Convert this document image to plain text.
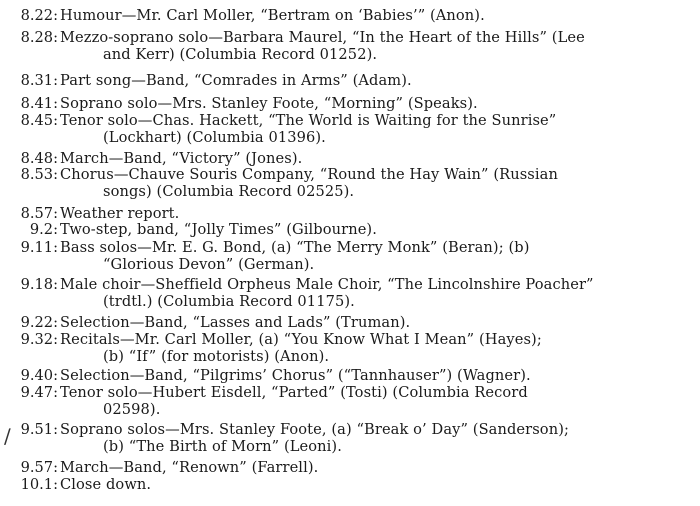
8.22: Humour—Mr. Carl Moller, “Bertram on ‘Babies’” (Anon).
8.28: Mezzo-soprano solo—Barbara Maurel, “In the Heart of the Hills” (Lee
and Kerr) (Columbia Record 01252).
8.31: Part song—Band, “Comrades in Arms” (Adam).
8.41: Soprano solo—Mrs. Stanley Foote, “Morning” (Speaks).
8.45: Tenor solo—Chas. Hackett, “The World is Waiting for the Sunrise”
(Lockhart) (Columbia 01396).
8.48: March—Band, “Victory” (Jones).
8.53: Chorus—Chauve Souris Company, “Round the Hay Wain” (Russian
songs) (Columbia Record 02525).
8.57: Weather report.
9.2: Two-step, band, “Jolly Times” (Gilbourne).
9.11: Bass solos—Mr. E. G. Bond, (a) “The Merry Monk” (Beran); (b)
“Glorious Devon” (German).
9.18: Male choir—Sheffield Orpheus Male Choir, “The Lincolnshire Poacher”
(trdtl.) (Columbia Record 01175).
9.22: Selection—Band, “Lasses and Lads” (Truman).
9.32: Recitals—Mr. Carl Moller, (a) “You Know What I Mean” (Hayes);
(b) “If” (for motorists) (Anon).
9.40: Selection—Band, “Pilgrims’ Chorus” (“Tannhauser”) (Wagner).
9.47: Tenor solo—Hubert Eisdell, “Parted” (Tosti) (Columbia Record
02598).
9.51: Soprano solos—Mrs. Stanley Foote, (a) “Break o’ Day” (Sanderson);
(b) “The Birth of Morn” (Leoni).
9.57: March—Band, “Renown” (Farrell).
10.1: Close down.
∕
